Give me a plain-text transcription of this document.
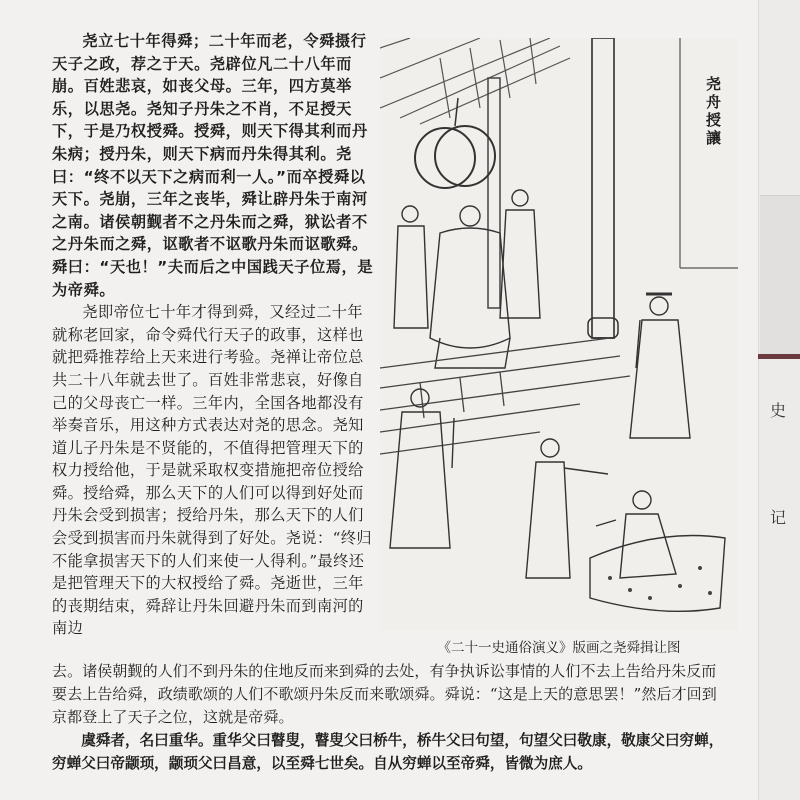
史
记

尧立七十年得舜；二十年而老，令舜摄行天子之政，荐之于天。尧辟位凡二十八年而崩。百姓悲哀，如丧父母。三年，四方莫举乐，以思尧。尧知子丹朱之不肖，不足授天下，于是乃权授舜。授舜，则天下得其利而丹朱病；授丹朱，则天下病而丹朱得其利。尧曰：“终不以天下之病而利一人。”而卒授舜以天下。尧崩，三年之丧毕，舜让辟丹朱于南河之南。诸侯朝觐者不之丹朱而之舜，狱讼者不之丹朱而之舜，讴歌者不讴歌丹朱而讴歌舜。舜曰：“天也！”夫而后之中国践天子位焉，是为帝舜。

尧即帝位七十年才得到舜，又经过二十年就称老回家，命令舜代行天子的政事，这样也就把舜推荐给上天来进行考验。尧禅让帝位总共二十八年就去世了。百姓非常悲哀，好像自己的父母丧亡一样。三年内，全国各地都没有举奏音乐，用这种方式表达对尧的思念。尧知道儿子丹朱是不贤能的，不值得把管理天下的权力授给他，于是就采取权变措施把帝位授给舜。授给舜，那么天下的人们可以得到好处而丹朱会受到损害；授给丹朱，那么天下的人们会受到损害而丹朱就得到了好处。尧说：“终归不能拿损害天下的人们来使一人得利。”最终还是把管理天下的大权授给了舜。尧逝世，三年的丧期结束，舜辞让丹朱回避丹朱而到南河的南边

尧舟授讓
《二十一史通俗演义》版画之尧舜揖让图

去。诸侯朝觐的人们不到丹朱的住地反而来到舜的去处，有争执诉讼事情的人们不去上告给丹朱反而要去上告给舜，政绩歌颂的人们不歌颂丹朱反而来歌颂舜。舜说：“这是上天的意思罢！”然后才回到京都登上了天子之位，这就是帝舜。

虞舜者，名曰重华。重华父曰瞽叟，瞽叟父曰桥牛，桥牛父曰句望，句望父曰敬康，敬康父曰穷蝉，穷蝉父曰帝颛顼，颛顼父曰昌意，以至舜七世矣。自从穷蝉以至帝舜，皆微为庶人。
